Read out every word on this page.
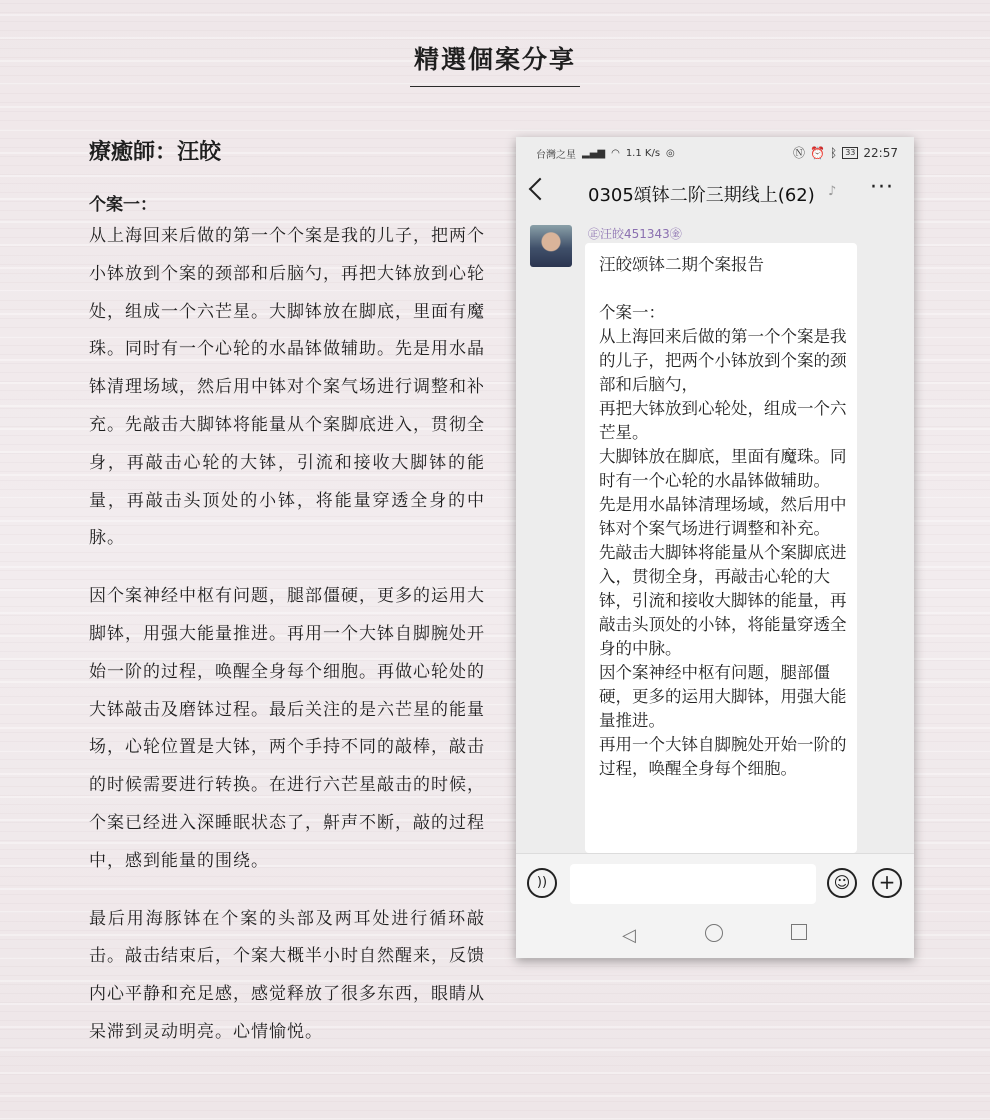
精選個案分享

療癒師：汪皎

个案一：

从上海回来后做的第一个个案是我的儿子，把两个小钵放到个案的颈部和后脑勺，再把大钵放到心轮处，组成一个六芒星。大脚钵放在脚底，里面有魔珠。同时有一个心轮的水晶钵做辅助。先是用水晶钵清理场域，然后用中钵对个案气场进行调整和补充。先敲击大脚钵将能量从个案脚底进入，贯彻全身，再敲击心轮的大钵，引流和接收大脚钵的能量，再敲击头顶处的小钵，将能量穿透全身的中脉。

因个案神经中枢有问题，腿部僵硬，更多的运用大脚钵，用强大能量推进。再用一个大钵自脚腕处开始一阶的过程，唤醒全身每个细胞。再做心轮处的大钵敲击及磨钵过程。最后关注的是六芒星的能量场，心轮位置是大钵，两个手持不同的敲棒，敲击的时候需要进行转换。在进行六芒星敲击的时候，个案已经进入深睡眠状态了，鼾声不断，敲的过程中，感到能量的围绕。

最后用海豚钵在个案的头部及两耳处进行循环敲击。敲击结束后，个案大概半小时自然醒来，反馈内心平静和充足感，感觉释放了很多东西，眼睛从呆滞到灵动明亮。心情愉悦。

台灣之星 ▂▄▆ ◠ 1.1 K/s ◎	Ⓝ ⏰ ᛒ	33 22:57
0305頌钵二阶三期线上(62) ♪ ···
㊣汪皎451343㊎
汪皎颂钵二期个案报告

个案一：
从上海回来后做的第一个个案是我的儿子，把两个小钵放到个案的颈部和后脑勺，
再把大钵放到心轮处，组成一个六芒星。
大脚钵放在脚底，里面有魔珠。同时有一个心轮的水晶钵做辅助。
先是用水晶钵清理场域，然后用中钵对个案气场进行调整和补充。
先敲击大脚钵将能量从个案脚底进入，贯彻全身，再敲击心轮的大钵，引流和接收大脚钵的能量，再敲击头顶处的小钵，将能量穿透全身的中脉。
因个案神经中枢有问题，腿部僵硬，更多的运用大脚钵，用强大能量推进。
再用一个大钵自脚腕处开始一阶的过程，唤醒全身每个细胞。
))	☺	+
◁
